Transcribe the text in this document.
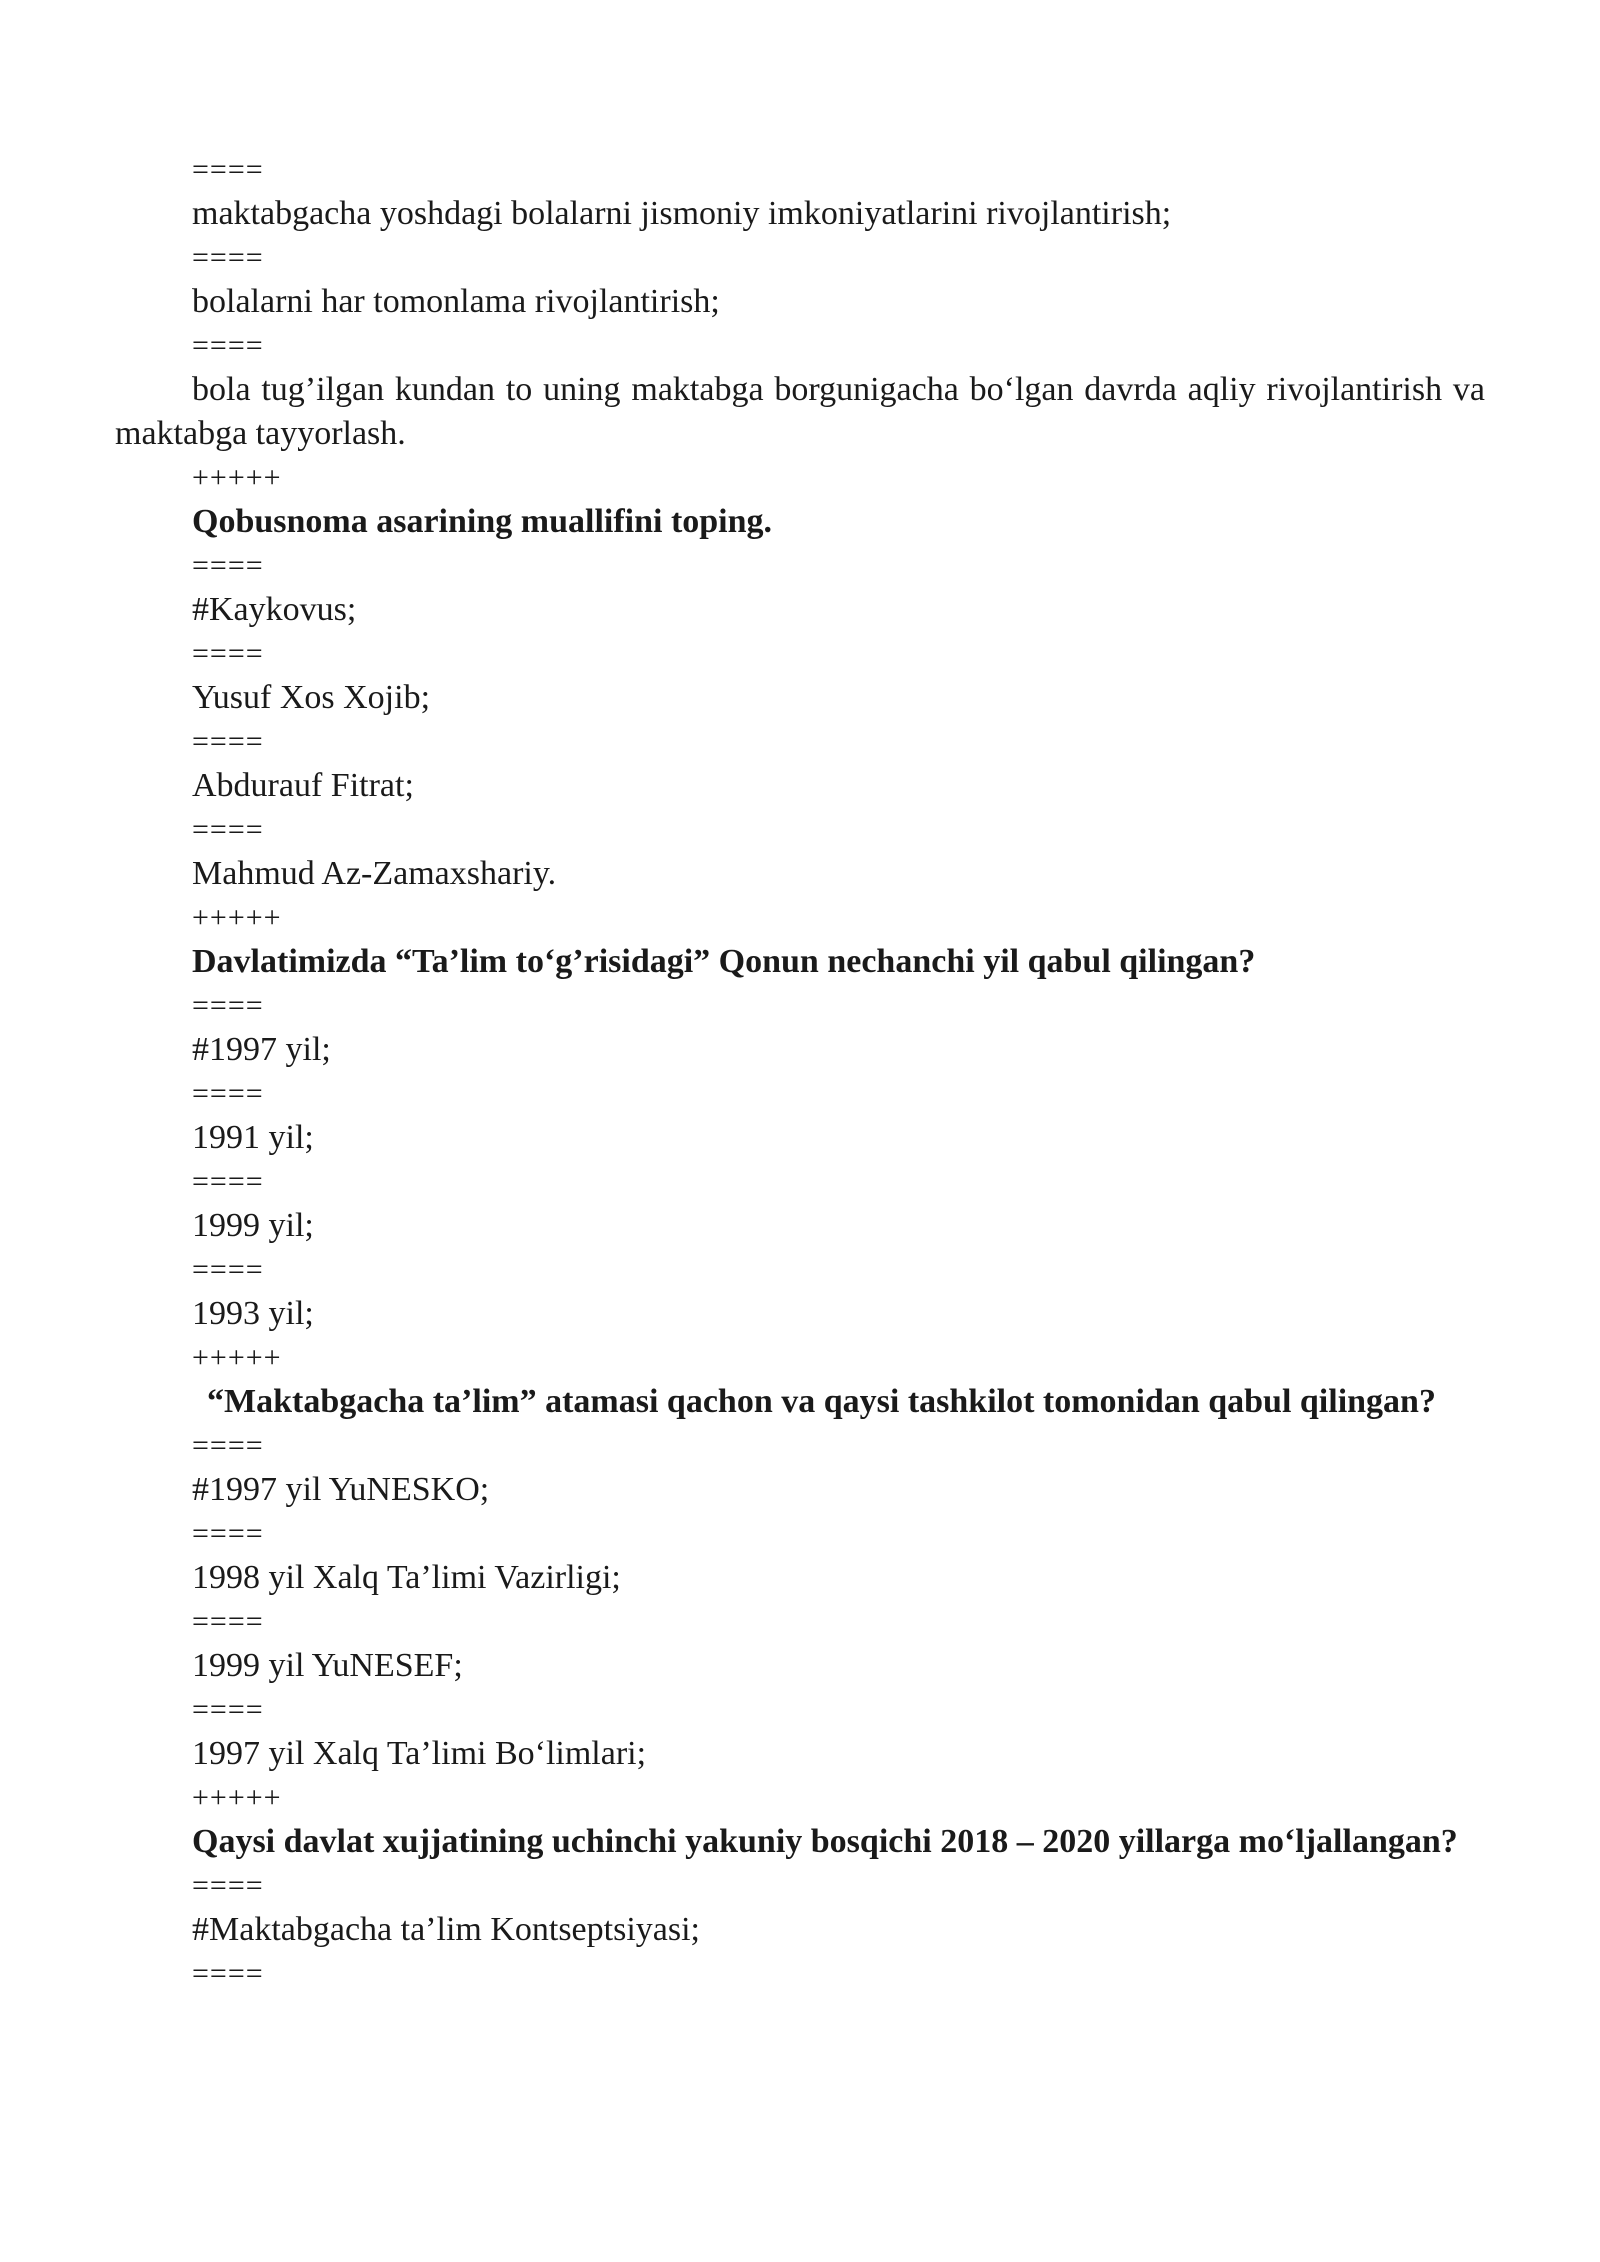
====
maktabgacha yoshdagi bolalarni jismoniy imkoniyatlarini rivojlantirish;
====
bolalarni har tomonlama rivojlantirish;
====

bola tug’ilgan kundan to uning maktabga borgunigacha bo‘lgan davrda aqliy rivojlantirish va maktabga tayyorlash.

+++++
Qobusnoma asarining muallifini toping.
====
#Kaykovus;
====
Yusuf Xos Xojib;
====
Abdurauf Fitrat;
====
Mahmud Az-Zamaxshariy.
+++++
Davlatimizda “Ta’lim to‘g’risidagi” Qonun nechanchi yil qabul qilingan?
====
#1997 yil;
====
1991 yil;
====
1999 yil;
====
1993 yil;
+++++

“Maktabgacha ta’lim” atamasi qachon va qaysi tashkilot tomonidan qabul qilingan?

====
#1997 yil YuNESKO;
====
1998 yil Xalq Ta’limi Vazirligi;
====
1999 yil YuNESEF;
====
1997 yil Xalq Ta’limi Bo‘limlari;
+++++

Qaysi davlat xujjatining uchinchi yakuniy bosqichi 2018 – 2020 yillarga mo‘ljallangan?

====
#Maktabgacha ta’lim Kontseptsiyasi;
====
